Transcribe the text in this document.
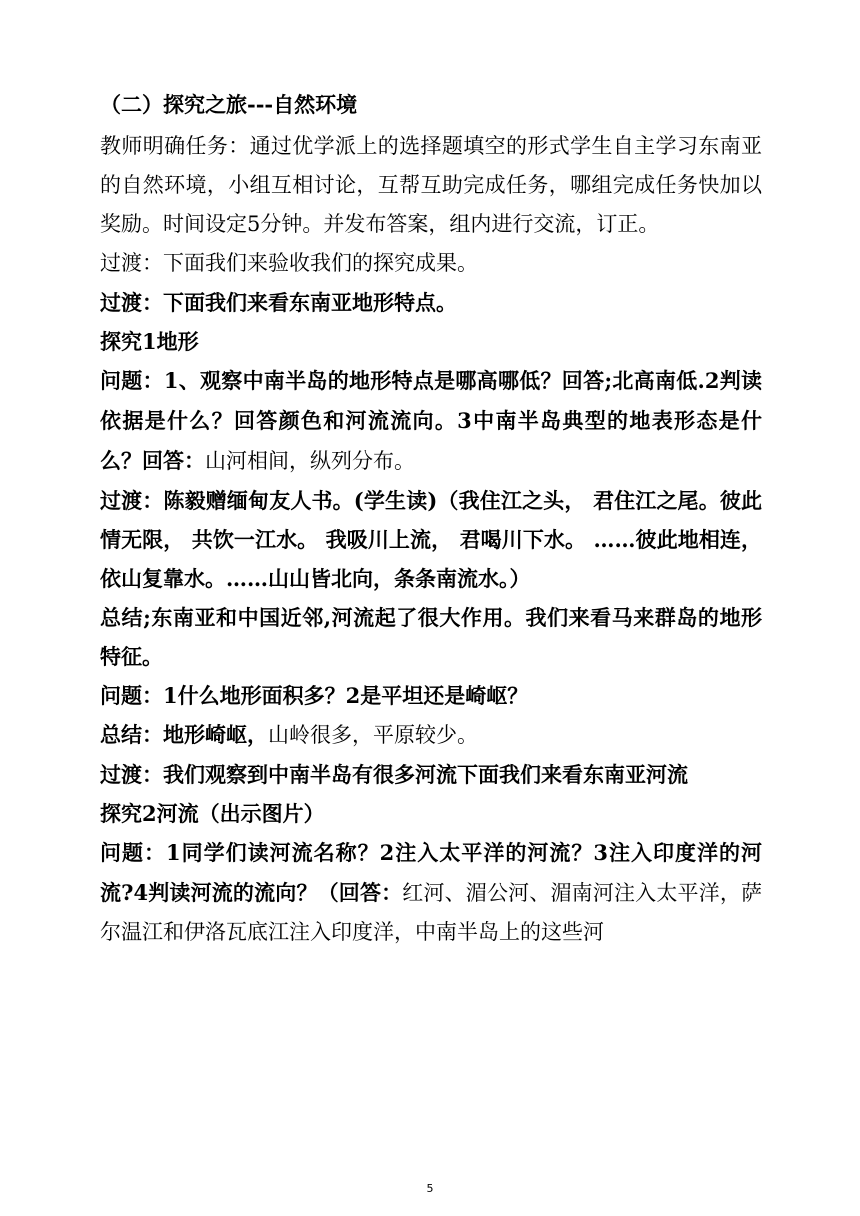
（二）探究之旅---自然环境

教师明确任务：通过优学派上的选择题填空的形式学生自主学习东南亚的自然环境，小组互相讨论，互帮互助完成任务，哪组完成任务快加以奖励。时间设定5分钟。并发布答案，组内进行交流，订正。

过渡：下面我们来验收我们的探究成果。

过渡：下面我们来看东南亚地形特点。

探究1地形

问题：1、观察中南半岛的地形特点是哪高哪低？回答;北高南低.2判读依据是什么？回答颜色和河流流向。3中南半岛典型的地表形态是什么？回答：山河相间，纵列分布。

过渡：陈毅赠缅甸友人书。(学生读)（我住江之头， 君住江之尾。彼此情无限， 共饮一江水。 我吸川上流， 君喝川下水。 ……彼此地相连，依山复靠水。……山山皆北向，条条南流水。）

总结;东南亚和中国近邻,河流起了很大作用。我们来看马来群岛的地形特征。

问题：1什么地形面积多？2是平坦还是崎岖？

总结：地形崎岖，山岭很多，平原较少。

过渡：我们观察到中南半岛有很多河流下面我们来看东南亚河流

探究2河流（出示图片）

问题：1同学们读河流名称？2注入太平洋的河流？3注入印度洋的河流?4判读河流的流向？（回答：红河、湄公河、湄南河注入太平洋，萨尔温江和伊洛瓦底江注入印度洋，中南半岛上的这些河

5
